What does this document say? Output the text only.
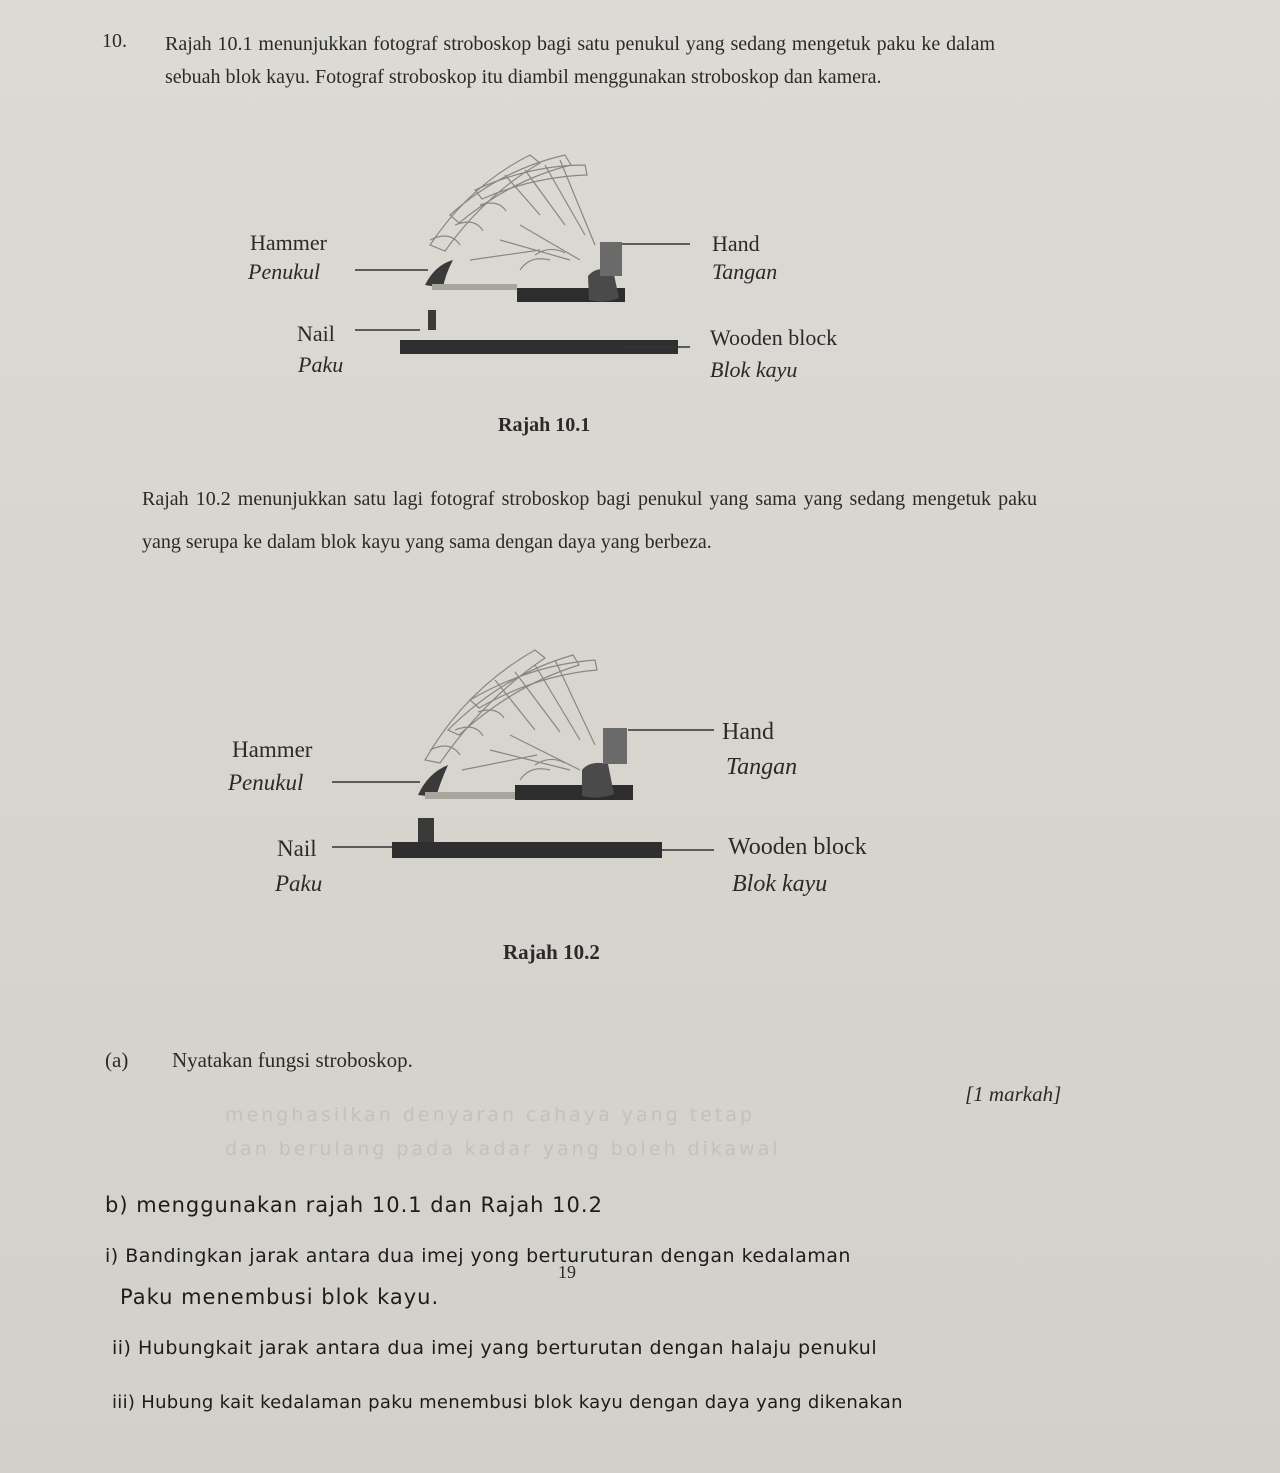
10. Rajah 10.1 menunjukkan fotograf stroboskop bagi satu penukul yang sedang mengetuk paku ke dalam sebuah blok kayu. Fotograf stroboskop itu diambil menggunakan stroboskop dan kamera.
Hammer
Penukul
Nail
Paku
Hand
Tangan
Wooden block
Blok kayu
Rajah 10.1
Rajah 10.2 menunjukkan satu lagi fotograf stroboskop bagi penukul yang sama yang sedang mengetuk paku yang serupa ke dalam blok kayu yang sama dengan daya yang berbeza.
Hammer
Penukul
Nail
Paku
Hand
Tangan
Wooden block
Blok kayu
Rajah 10.2
(a) Nyatakan fungsi stroboskop.
[1 markah]
menghasilkan denyaran cahaya yang tetap
dan berulang pada kadar yang boleh dikawal
b) menggunakan rajah 10.1 dan Rajah 10.2
i) Bandingkan jarak antara dua imej yong berturuturan dengan kedalaman
19
Paku menembusi blok kayu.
ii) Hubungkait jarak antara dua imej yang berturutan dengan halaju penukul
iii) Hubung kait kedalaman paku menembusi blok kayu dengan daya yang dikenakan
